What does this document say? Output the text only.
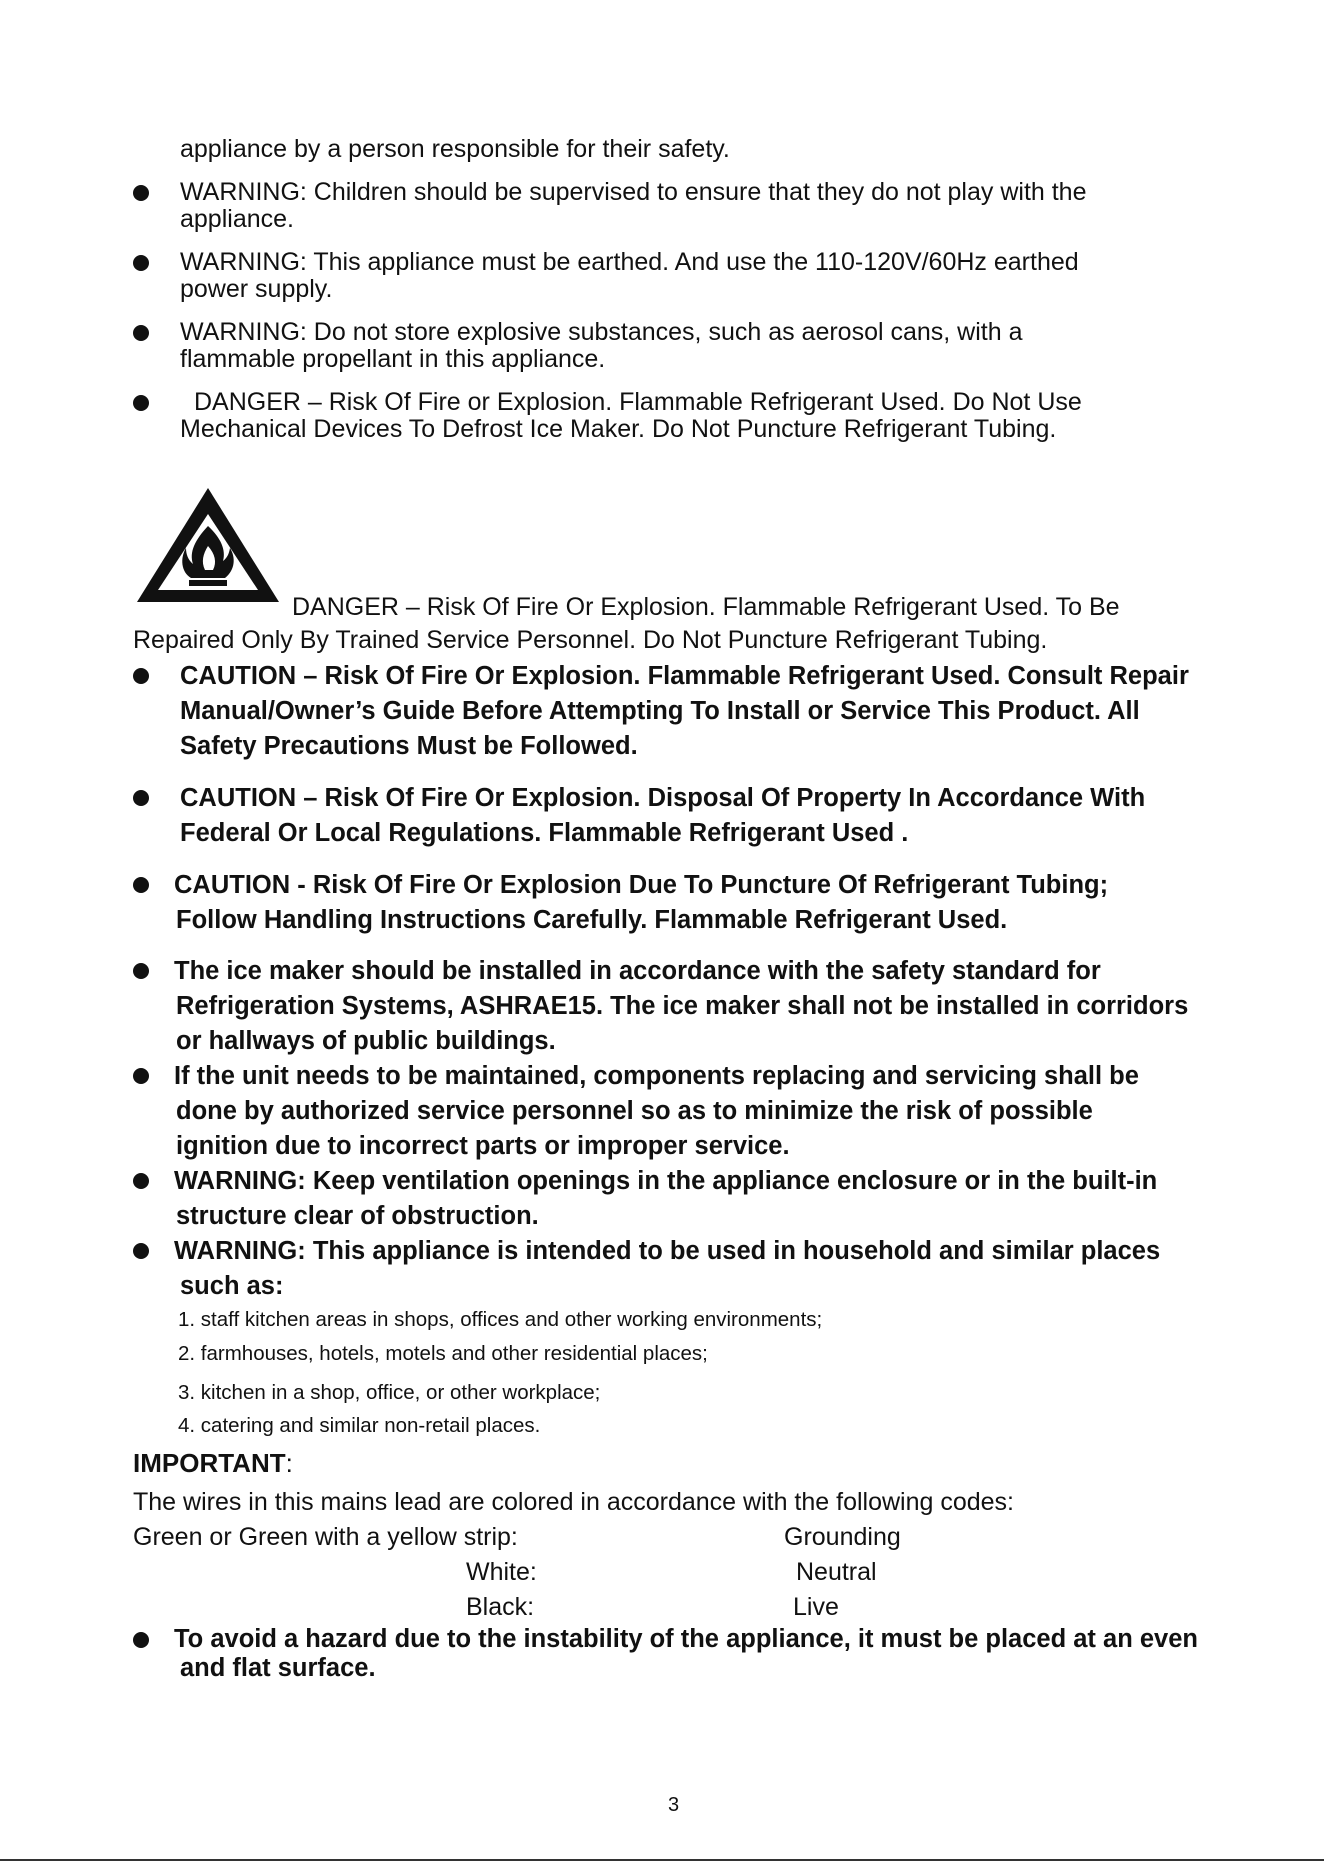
appliance by a person responsible for their safety.
WARNING: Children should be supervised to ensure that they do not play with the
appliance.
WARNING: This appliance must be earthed. And use the 110-120V/60Hz earthed
power supply.
WARNING: Do not store explosive substances, such as aerosol cans, with a
flammable propellant in this appliance.
DANGER – Risk Of Fire or Explosion. Flammable Refrigerant Used. Do Not Use
Mechanical Devices To Defrost Ice Maker. Do Not Puncture Refrigerant Tubing.
DANGER – Risk Of Fire Or Explosion. Flammable Refrigerant Used. To Be
Repaired Only By Trained Service Personnel. Do Not Puncture Refrigerant Tubing.
CAUTION – Risk Of Fire Or Explosion. Flammable Refrigerant Used. Consult Repair
Manual/Owner’s Guide Before Attempting To Install or Service This Product. All
Safety Precautions Must be Followed.
CAUTION – Risk Of Fire Or Explosion. Disposal Of Property In Accordance With
Federal Or Local Regulations. Flammable Refrigerant Used .
CAUTION - Risk Of Fire Or Explosion Due To Puncture Of Refrigerant Tubing;
Follow Handling Instructions Carefully. Flammable Refrigerant Used.
The ice maker should be installed in accordance with the safety standard for
Refrigeration Systems, ASHRAE15. The ice maker shall not be installed in corridors
or hallways of public buildings.
If the unit needs to be maintained, components replacing and servicing shall be
done by authorized service personnel so as to minimize the risk of possible
ignition due to incorrect parts or improper service.
WARNING: Keep ventilation openings in the appliance enclosure or in the built-in
structure clear of obstruction.
WARNING: This appliance is intended to be used in household and similar places
such as:
1. staff kitchen areas in shops, offices and other working environments;
2. farmhouses, hotels, motels and other residential places;
3. kitchen in a shop, office, or other workplace;
4. catering and similar non-retail places.
IMPORTANT:
The wires in this mains lead are colored in accordance with the following codes:
Green or Green with a yellow strip:	Grounding
White:	Neutral
Black:	Live
To avoid a hazard due to the instability of the appliance, it must be placed at an even
and flat surface.
3
